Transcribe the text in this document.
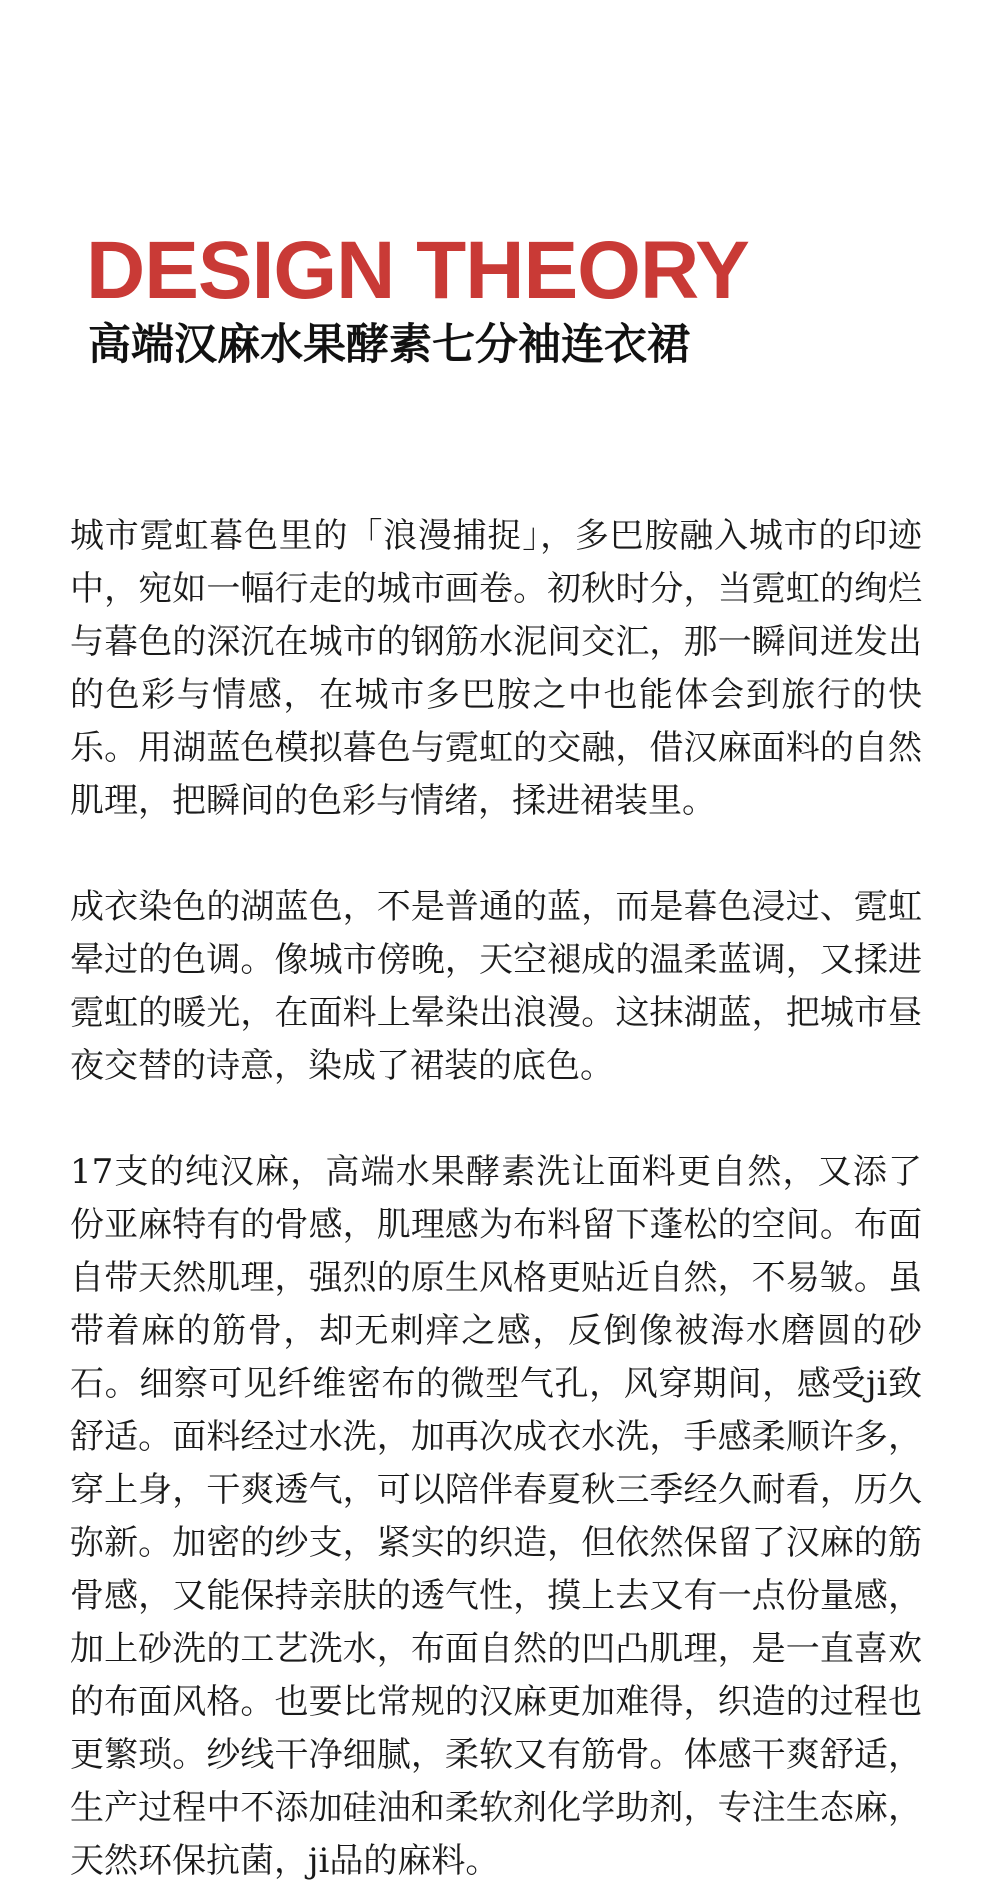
DESIGN THEORY
高端汉麻水果酵素七分袖连衣裙

城市霓虹暮色里的「浪漫捕捉」，多巴胺融入城市的印迹中，宛如一幅行走的城市画卷。初秋时分，当霓虹的绚烂与暮色的深沉在城市的钢筋水泥间交汇，那一瞬间迸发出的色彩与情感，在城市多巴胺之中也能体会到旅行的快乐。用湖蓝色模拟暮色与霓虹的交融，借汉麻面料的自然肌理，把瞬间的色彩与情绪，揉进裙装里。

成衣染色的湖蓝色，不是普通的蓝，而是暮色浸过、霓虹晕过的色调。像城市傍晚，天空褪成的温柔蓝调，又揉进霓虹的暖光，在面料上晕染出浪漫。这抹湖蓝，把城市昼夜交替的诗意，染成了裙装的底色。

17支的纯汉麻，高端水果酵素洗让面料更自然，又添了份亚麻特有的骨感，肌理感为布料留下蓬松的空间。布面自带天然肌理，强烈的原生风格更贴近自然，不易皱。虽带着麻的筋骨，却无刺痒之感，反倒像被海水磨圆的砂石。细察可见纤维密布的微型气孔，风穿期间，感受ji致舒适。面料经过水洗，加再次成衣水洗，手感柔顺许多，穿上身，干爽透气，可以陪伴春夏秋三季经久耐看，历久弥新。加密的纱支，紧实的织造，但依然保留了汉麻的筋骨感，又能保持亲肤的透气性，摸上去又有一点份量感，加上砂洗的工艺洗水，布面自然的凹凸肌理，是一直喜欢的布面风格。也要比常规的汉麻更加难得，织造的过程也更繁琐。纱线干净细腻，柔软又有筋骨。体感干爽舒适，生产过程中不添加硅油和柔软剂化学助剂，专注生态麻，天然环保抗菌，ji品的麻料。
